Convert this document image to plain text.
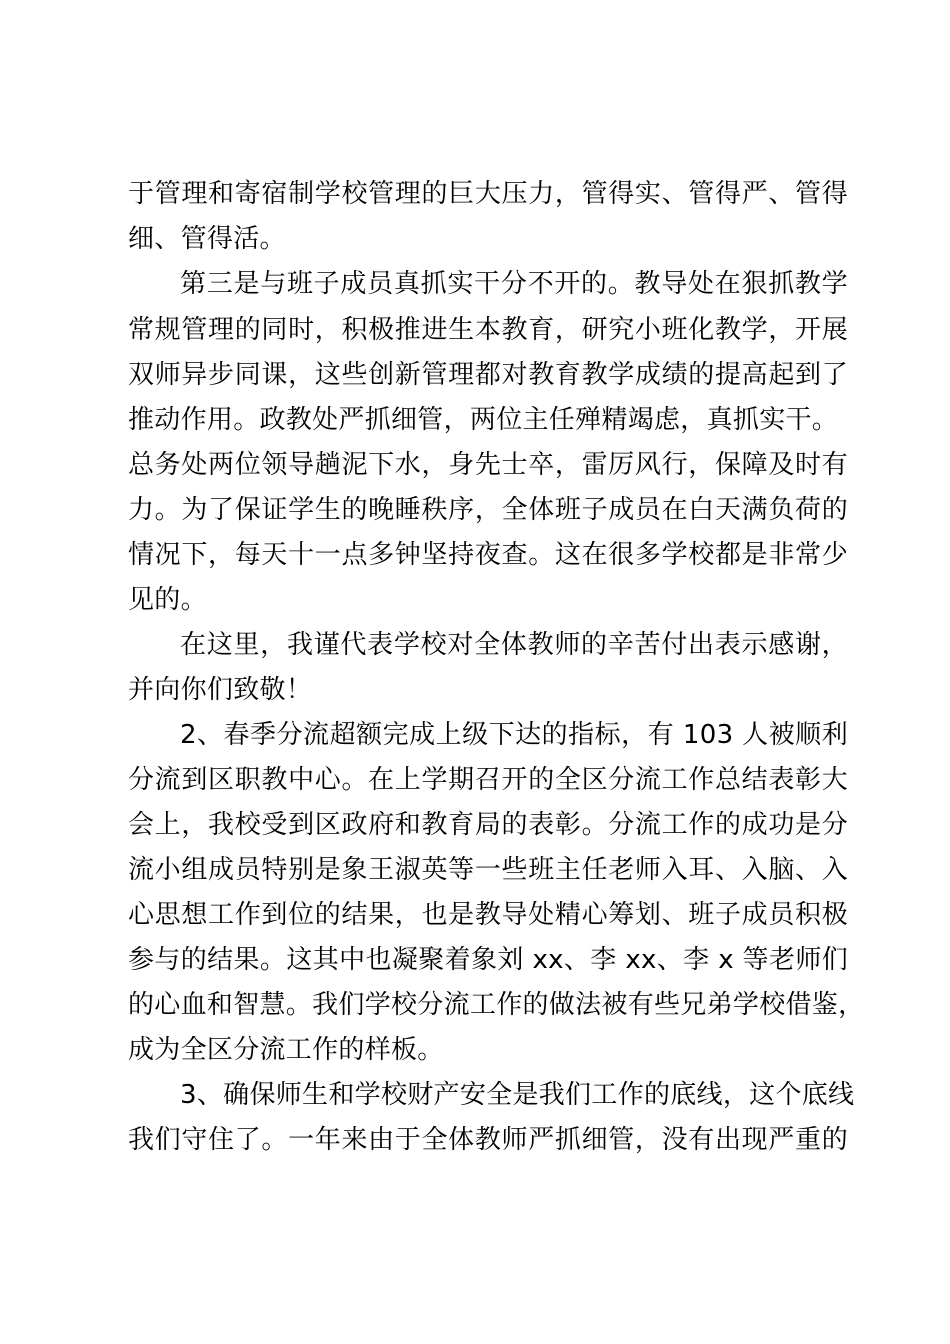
于管理和寄宿制学校管理的巨大压力，管得实、管得严、管得
细、管得活。
第三是与班子成员真抓实干分不开的。教导处在狠抓教学
常规管理的同时，积极推进生本教育，研究小班化教学，开展
双师异步同课，这些创新管理都对教育教学成绩的提高起到了
推动作用。政教处严抓细管，两位主任殚精竭虑，真抓实干。
总务处两位领导趟泥下水，身先士卒，雷厉风行，保障及时有
力。为了保证学生的晚睡秩序，全体班子成员在白天满负荷的
情况下，每天十一点多钟坚持夜查。这在很多学校都是非常少
见的。
在这里，我谨代表学校对全体教师的辛苦付出表示感谢，
并向你们致敬！
2、春季分流超额完成上级下达的指标，有 103 人被顺利
分流到区职教中心。在上学期召开的全区分流工作总结表彰大
会上，我校受到区政府和教育局的表彰。分流工作的成功是分
流小组成员特别是象王淑英等一些班主任老师入耳、入脑、入
心思想工作到位的结果，也是教导处精心筹划、班子成员积极
参与的结果。这其中也凝聚着象刘 xx、李 xx、李 x 等老师们
的心血和智慧。我们学校分流工作的做法被有些兄弟学校借鉴，
成为全区分流工作的样板。
3、确保师生和学校财产安全是我们工作的底线，这个底线
我们守住了。一年来由于全体教师严抓细管，没有出现严重的
